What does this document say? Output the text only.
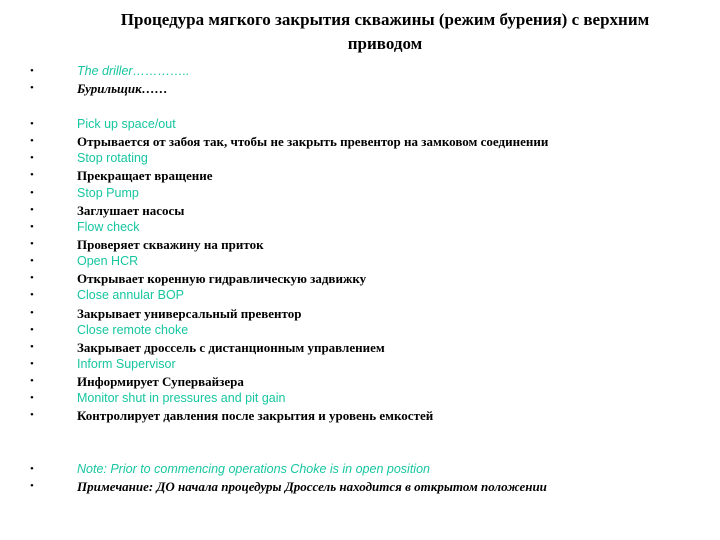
Процедура мягкого закрытия скважины (режим бурения) с верхним приводом
•	The driller…………..
•	Бурильщик……
•	Pick up space/out
•	Отрывается от забоя так, чтобы не закрыть превентор на замковом соединении
•	Stop rotating
•	Прекращает вращение
•	Stop Pump
•	Заглушает насосы
•	Flow check
•	Проверяет скважину на приток
•	Open HCR
•	Открывает коренную гидравлическую задвижку
•	Close annular BOP
•	Закрывает универсальный превентор
•	Close remote choke
•	Закрывает дроссель с дистанционным управлением
•	Inform Supervisor
•	Информирует Супервайзера
•	Monitor shut in pressures and pit gain
•	Контролирует давления после закрытия и уровень емкостей
•	Note: Prior to commencing operations Choke is in open position
•	Примечание: ДО начала процедуры Дроссель находится в открытом положении
